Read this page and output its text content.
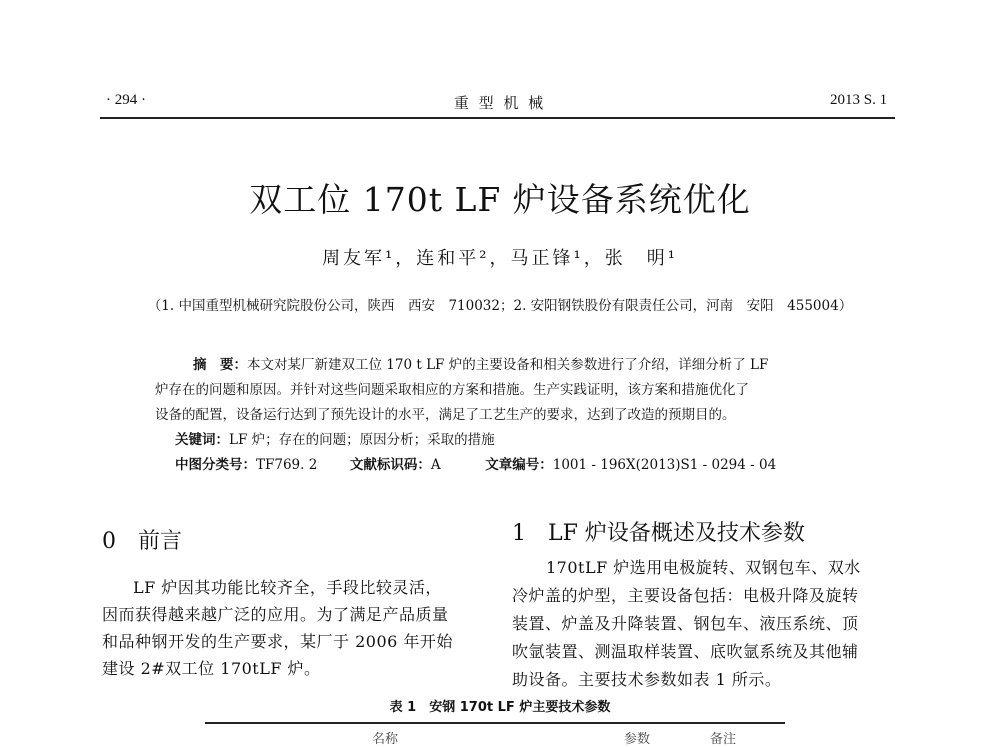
· 294 ·	重 型 机 械	2013 S. 1
双工位 170t LF 炉设备系统优化
周友军¹，连和平²，马正锋¹，张　明¹
（1. 中国重型机械研究院股份公司，陕西　西安　710032；2. 安阳钢铁股份有限责任公司，河南　安阳　455004）
摘　要：本文对某厂新建双工位 170 t LF 炉的主要设备和相关参数进行了介绍，详细分析了 LF
炉存在的问题和原因。并针对这些问题采取相应的方案和措施。生产实践证明，该方案和措施优化了
设备的配置，设备运行达到了预先设计的水平，满足了工艺生产的要求，达到了改造的预期目的。
关键词：LF 炉；存在的问题；原因分析；采取的措施
中图分类号：TF769. 2 文献标识码：A	文章编号：1001 - 196X(2013)S1 - 0294 - 04
0　前言
LF 炉因其功能比较齐全，手段比较灵活，
因而获得越来越广泛的应用。为了满足产品质量
和品种钢开发的生产要求，某厂于 2006 年开始
建设 2#双工位 170tLF 炉。
1　LF 炉设备概述及技术参数
170tLF 炉选用电极旋转、双钢包车、双水
冷炉盖的炉型，主要设备包括：电极升降及旋转
装置、炉盖及升降装置、钢包车、液压系统、顶
吹氩装置、测温取样装置、底吹氩系统及其他辅
助设备。主要技术参数如表 1 所示。
表 1　安钢 170t LF 炉主要技术参数
名称	参数	备注
